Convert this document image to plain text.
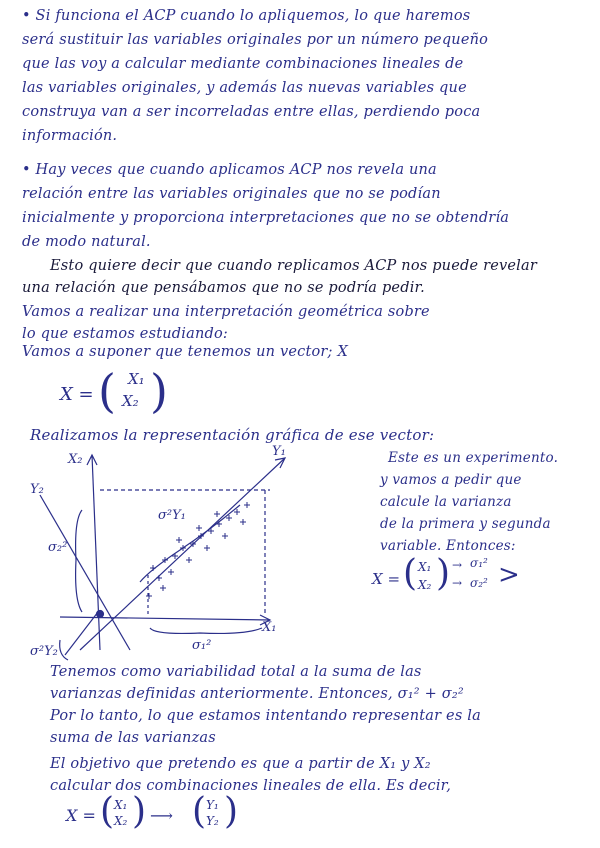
• Si funciona el ACP cuando lo apliquemos, lo que haremos
será sustituir las variables originales por un número pequeño
que las voy a calcular mediante combinaciones lineales de
las variables originales, y además las nuevas variables que
construya van a ser incorreladas entre ellas, perdiendo poca
información.
• Hay veces que cuando aplicamos ACP nos revela una
relación entre las variables originales que no se podían
inicialmente y proporciona interpretaciones que no se obtendría
de modo natural.
Esto quiere decir que cuando replicamos ACP nos puede revelar
una relación que pensábamos que no se podría pedir.
Vamos a realizar una interpretación geométrica sobre
lo que estamos estudiando:
Vamos a suponer que tenemos un vector; X
X = ( X₁
X₂ )
Realizamos la representación gráfica de ese vector:
X₂
Y₂
Y₁
X₁
σ₁²
σ₂²
σ²Y₁
σ²Y₂
Este es un experimento.
y vamos a pedir que
calcule la varianza
de la primera y segunda
variable. Entonces:
X = ( X₁
X₂ ) →
→
σ₁²
σ₂² >
Tenemos como variabilidad total a la suma de las
varianzas definidas anteriormente. Entonces, σ₁² + σ₂²
Por lo tanto, lo que estamos intentando representar es la
suma de las varianzas
El objetivo que pretendo es que a partir de X₁ y X₂
calcular dos combinaciones lineales de ella. Es decir,
X = ( X₁
X₂ ) ⟶ ( Y₁
Y₂ )
